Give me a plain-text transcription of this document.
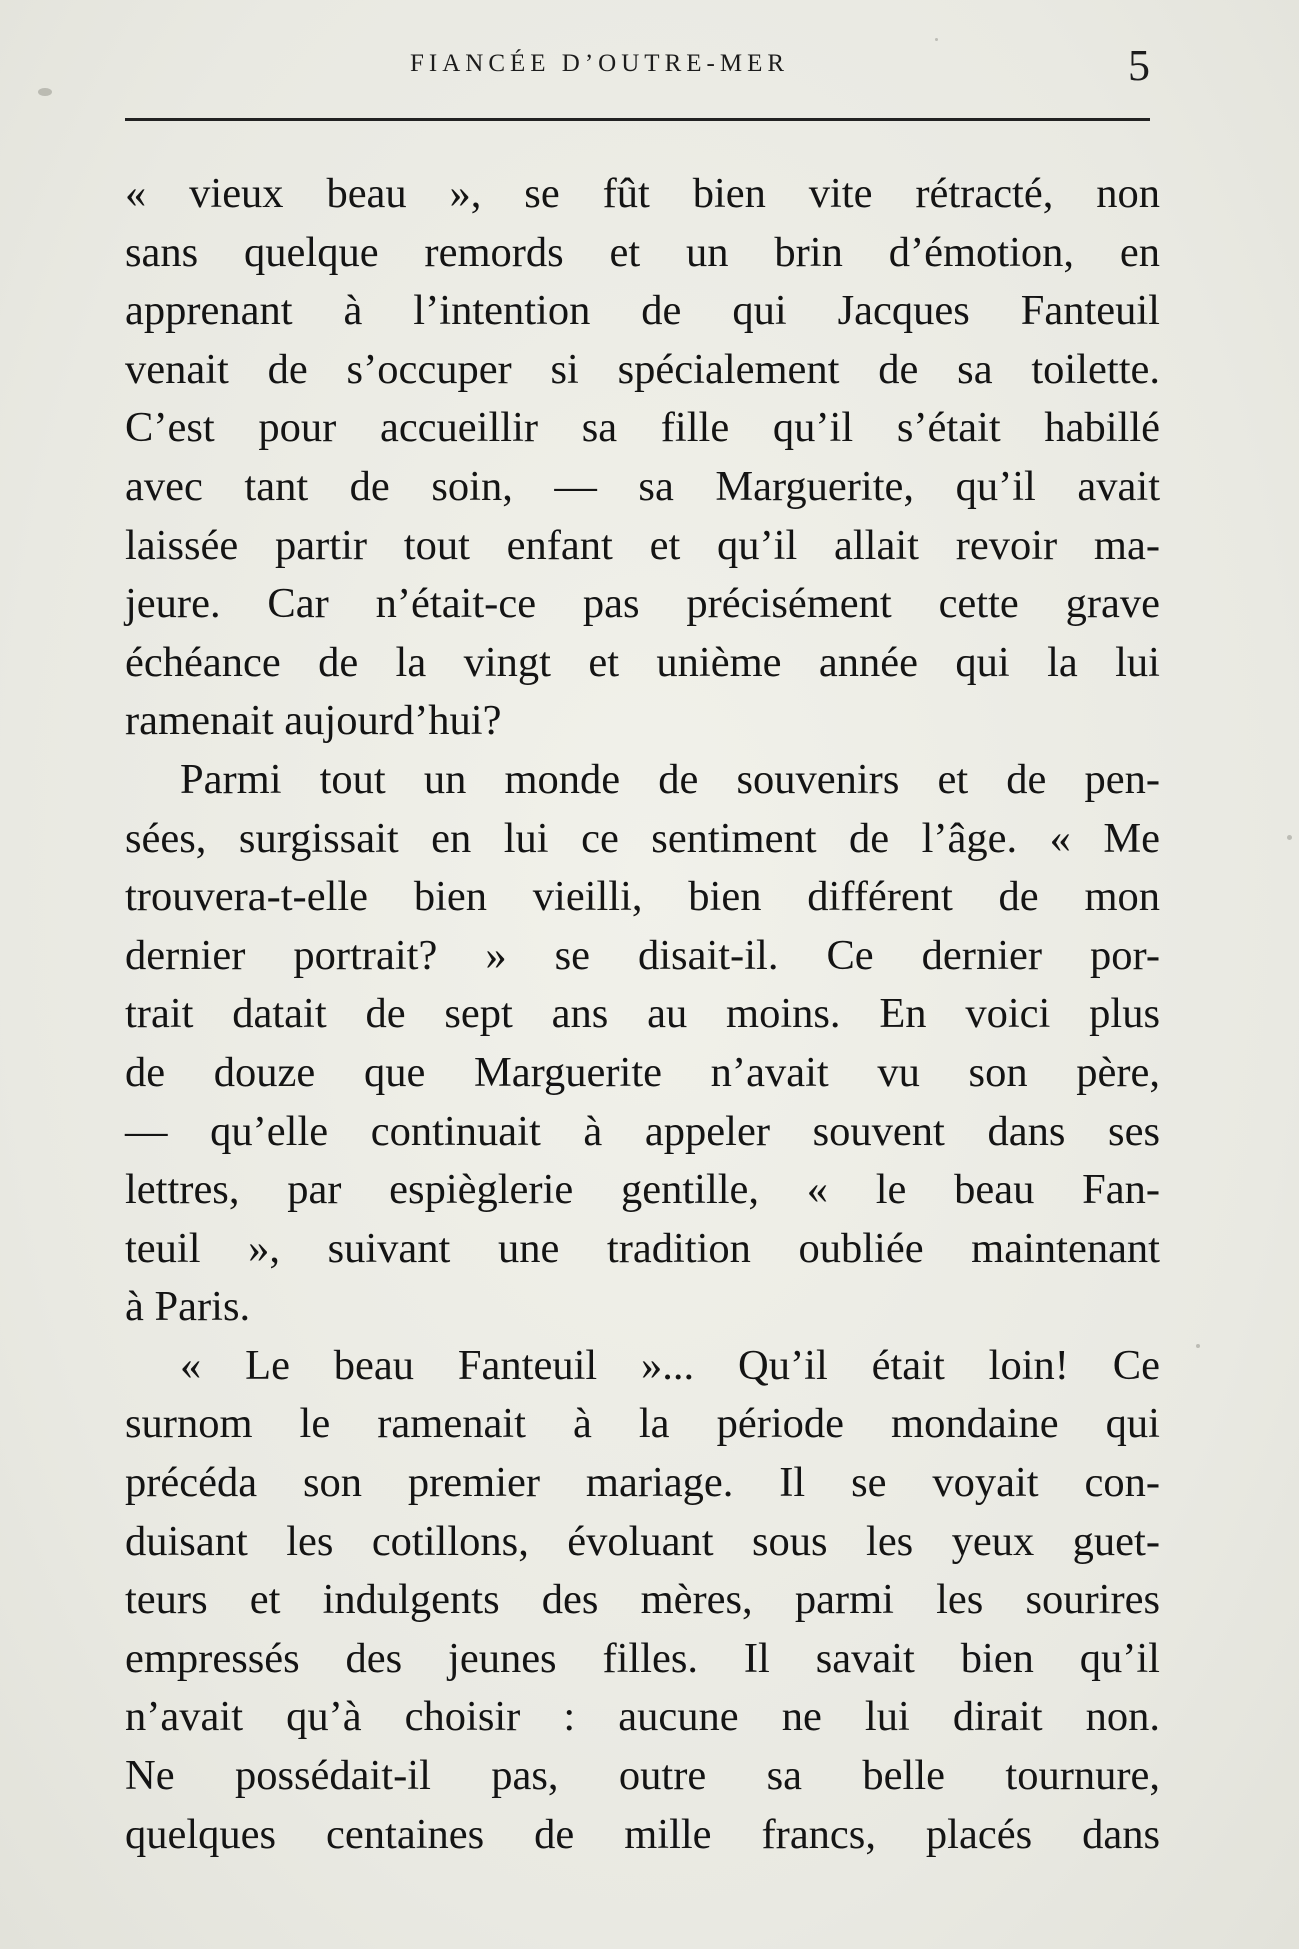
FIANCÉE D’OUTRE-MER	5
« vieux beau », se fût bien vite rétracté, non
sans quelque remords et un brin d’émotion, en
apprenant à l’intention de qui Jacques Fanteuil
venait de s’occuper si spécialement de sa toilette.
C’est pour accueillir sa fille qu’il s’était habillé
avec tant de soin, — sa Marguerite, qu’il avait
laissée partir tout enfant et qu’il allait revoir ma-
jeure. Car n’était-ce pas précisément cette grave
échéance de la vingt et unième année qui la lui
ramenait aujourd’hui?
Parmi tout un monde de souvenirs et de pen-
sées, surgissait en lui ce sentiment de l’âge. « Me
trouvera-t-elle bien vieilli, bien différent de mon
dernier portrait? » se disait-il. Ce dernier por-
trait datait de sept ans au moins. En voici plus
de douze que Marguerite n’avait vu son père,
— qu’elle continuait à appeler souvent dans ses
lettres, par espièglerie gentille, « le beau Fan-
teuil », suivant une tradition oubliée maintenant
à Paris.
« Le beau Fanteuil »... Qu’il était loin! Ce
surnom le ramenait à la période mondaine qui
précéda son premier mariage. Il se voyait con-
duisant les cotillons, évoluant sous les yeux guet-
teurs et indulgents des mères, parmi les sourires
empressés des jeunes filles. Il savait bien qu’il
n’avait qu’à choisir : aucune ne lui dirait non.
Ne possédait-il pas, outre sa belle tournure,
quelques centaines de mille francs, placés dans
